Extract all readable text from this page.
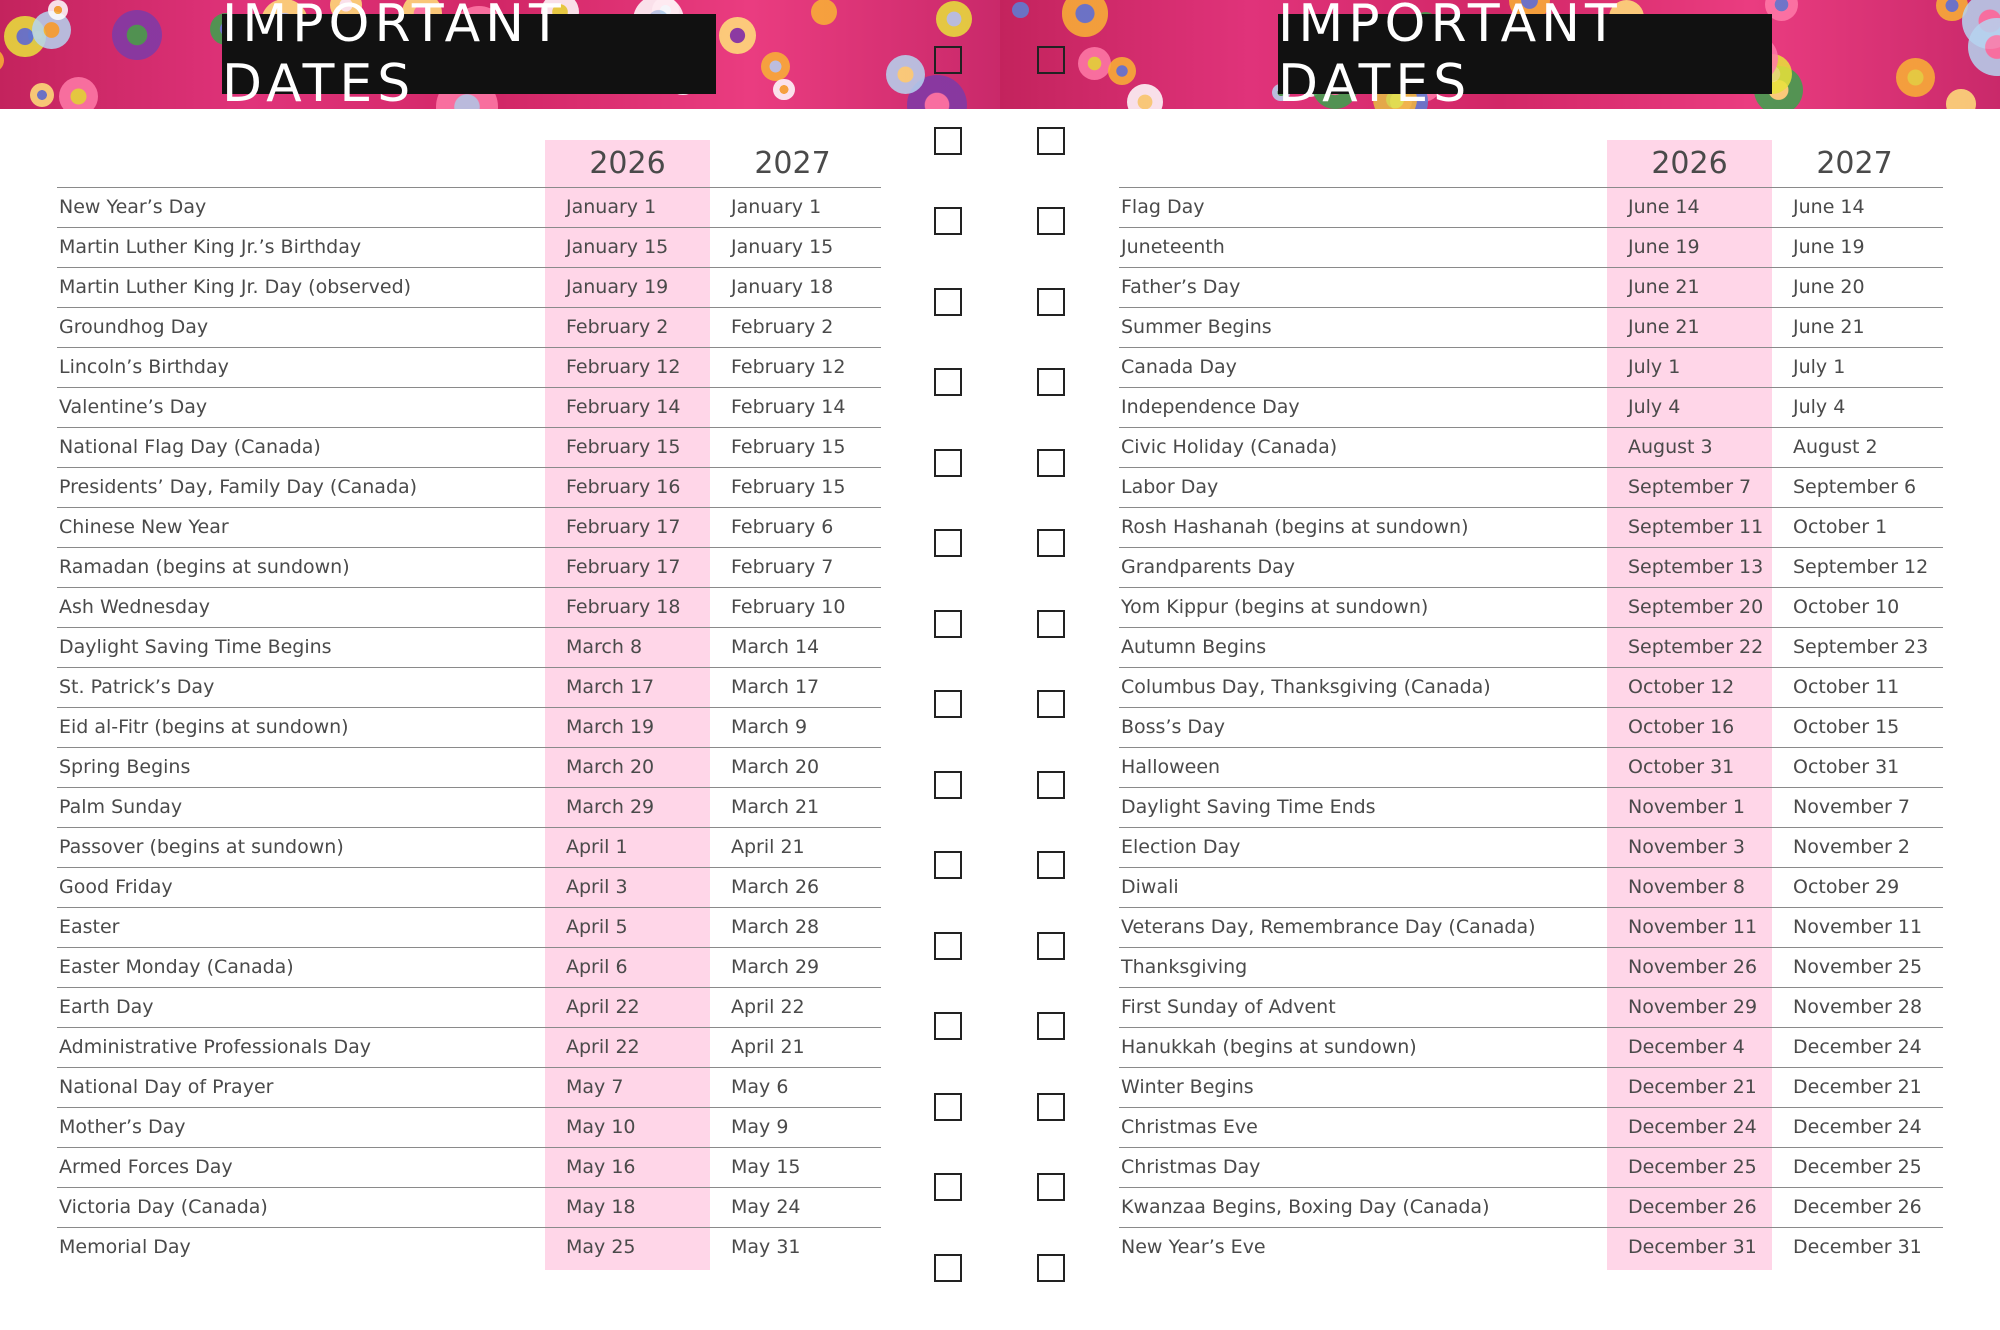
IMPORTANT DATES
2026	2027
New Year’s Day	January 1	January 1
Martin Luther King Jr.’s Birthday	January 15	January 15
Martin Luther King Jr. Day (observed)	January 19	January 18
Groundhog Day	February 2	February 2
Lincoln’s Birthday	February 12	February 12
Valentine’s Day	February 14	February 14
National Flag Day (Canada)	February 15	February 15
Presidents’ Day, Family Day (Canada)	February 16	February 15
Chinese New Year	February 17	February 6
Ramadan (begins at sundown)	February 17	February 7
Ash Wednesday	February 18	February 10
Daylight Saving Time Begins	March 8	March 14
St. Patrick’s Day	March 17	March 17
Eid al-Fitr (begins at sundown)	March 19	March 9
Spring Begins	March 20	March 20
Palm Sunday	March 29	March 21
Passover (begins at sundown)	April 1	April 21
Good Friday	April 3	March 26
Easter	April 5	March 28
Easter Monday (Canada)	April 6	March 29
Earth Day	April 22	April 22
Administrative Professionals Day	April 22	April 21
National Day of Prayer	May 7	May 6
Mother’s Day	May 10	May 9
Armed Forces Day	May 16	May 15
Victoria Day (Canada)	May 18	May 24
Memorial Day	May 25	May 31
IMPORTANT DATES
2026	2027
Flag Day	June 14	June 14
Juneteenth	June 19	June 19
Father’s Day	June 21	June 20
Summer Begins	June 21	June 21
Canada Day	July 1	July 1
Independence Day	July 4	July 4
Civic Holiday (Canada)	August 3	August 2
Labor Day	September 7 September 6
Rosh Hashanah (begins at sundown)	September 11 October 1
Grandparents Day	September 13 September 12
Yom Kippur (begins at sundown)	September 20 October 10
Autumn Begins	September 22 September 23
Columbus Day, Thanksgiving (Canada)	October 12	October 11
Boss’s Day	October 16	October 15
Halloween	October 31	October 31
Daylight Saving Time Ends	November 1	November 7
Election Day	November 3	November 2
Diwali	November 8	October 29
Veterans Day, Remembrance Day (Canada)	November 11 November 11
Thanksgiving	November 26 November 25
First Sunday of Advent	November 29 November 28
Hanukkah (begins at sundown)	December 4	December 24
Winter Begins	December 21 December 21
Christmas Eve	December 24 December 24
Christmas Day	December 25 December 25
Kwanzaa Begins, Boxing Day (Canada)	December 26 December 26
New Year’s Eve	December 31 December 31
